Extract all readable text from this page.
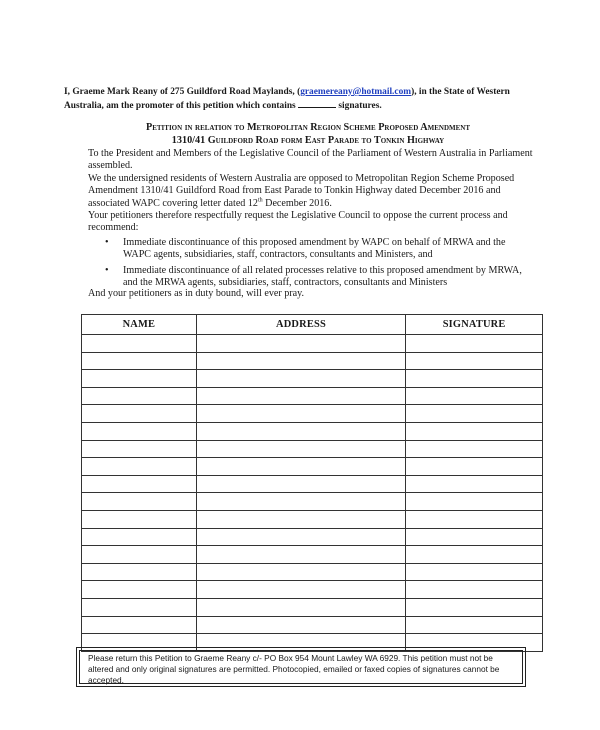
I, Graeme Mark Reany of 275 Guildford Road Maylands, (graemereany@hotmail.com), in the State of Western Australia, am the promoter of this petition which contains	signatures.
Petition in relation to Metropolitan Region Scheme Proposed Amendment
1310/41 Guildford Road form East Parade to Tonkin Highway
To the President and Members of the Legislative Council of the Parliament of Western Australia in Parliament assembled.
We the undersigned residents of Western Australia are opposed to Metropolitan Region Scheme Proposed Amendment 1310/41 Guildford Road from East Parade to Tonkin Highway dated December 2016 and associated WAPC covering letter dated 12th December 2016.
Your petitioners therefore respectfully request the Legislative Council to oppose the current process and recommend:
• Immediate discontinuance of this proposed amendment by WAPC on behalf of MRWA and the WAPC agents, subsidiaries, staff, contractors, consultants and Ministers, and
• Immediate discontinuance of all related processes relative to this proposed amendment by MRWA, and the MRWA agents, subsidiaries, staff, contractors, consultants and Ministers
And your petitioners as in duty bound, will ever pray.
NAME	ADDRESS	SIGNATURE

Please return this Petition to Graeme Reany c/- PO Box 954 Mount Lawley WA 6929. This petition must not be altered and only original signatures are permitted. Photocopied, emailed or faxed copies of signatures cannot be accepted.
